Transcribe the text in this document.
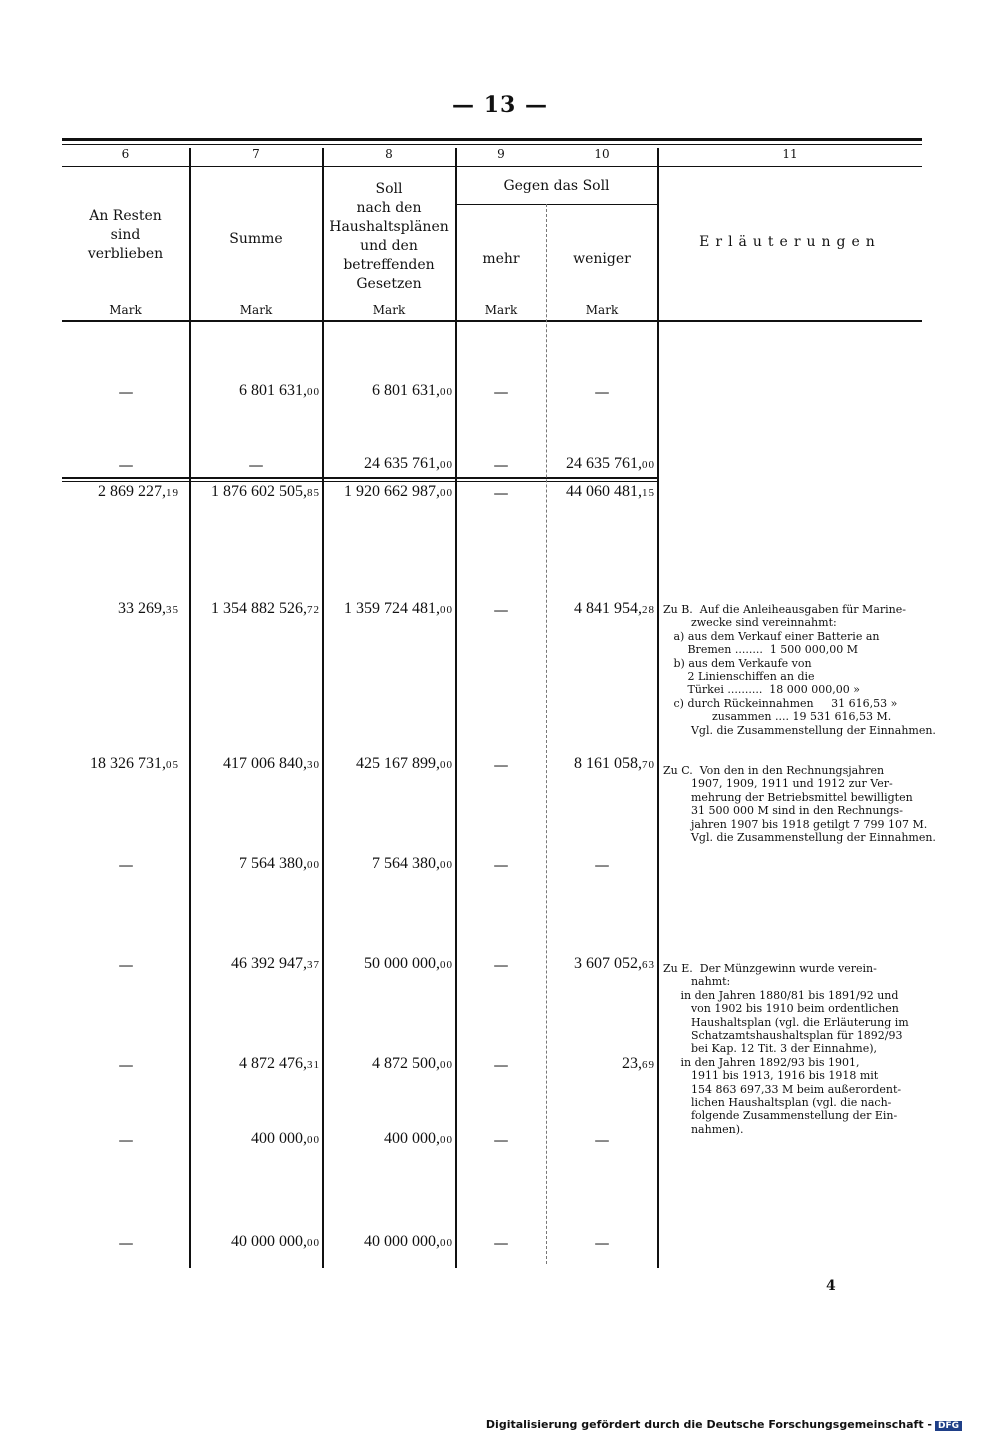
— 13 —
6	7	8	9	10	11
An Resten
sind
verblieben
Summe
Soll
nach den
Haushaltsplänen
und den
betreffenden
Gesetzen
Gegen das Soll
mehr	weniger
Erläuterungen
Mark	Mark	Mark	Mark	Mark
—	6 801 631,00	6 801 631,00	—	—
—	—	24 635 761,00	—	24 635 761,00
2 869 227,19	1 876 602 505,85	1 920 662 987,00	—	44 060 481,15
33 269,35	1 354 882 526,72	1 359 724 481,00	—	4 841 954,28
18 326 731,05	417 006 840,30	425 167 899,00	—	8 161 058,70
—	7 564 380,00	7 564 380,00	—	—
—	46 392 947,37	50 000 000,00	—	3 607 052,63
—	4 872 476,31	4 872 500,00	—	23,69
—	400 000,00	400 000,00	—	—
—	40 000 000,00	40 000 000,00	—	—
Zu B.  Auf die Anleiheausgaben für Marine-
zwecke sind vereinnahmt:
a) aus dem Verkauf einer Batterie an
Bremen ........  1 500 000,00 M
b) aus dem Verkaufe von
2 Linienschiffen an die
Türkei ..........  18 000 000,00 »
c) durch Rückeinnahmen     31 616,53 »
zusammen .... 19 531 616,53 M.
Vgl. die Zusammenstellung der Einnahmen.
Zu C.  Von den in den Rechnungsjahren
1907, 1909, 1911 und 1912 zur Ver-
mehrung der Betriebsmittel bewilligten
31 500 000 M sind in den Rechnungs-
jahren 1907 bis 1918 getilgt 7 799 107 M.
Vgl. die Zusammenstellung der Einnahmen.
Zu E.  Der Münzgewinn wurde verein-
nahmt:
in den Jahren 1880/81 bis 1891/92 und
von 1902 bis 1910 beim ordentlichen
Haushaltsplan (vgl. die Erläuterung im
Schatzamtshaushaltsplan für 1892/93
bei Kap. 12 Tit. 3 der Einnahme),
in den Jahren 1892/93 bis 1901,
1911 bis 1913, 1916 bis 1918 mit
154 863 697,33 M beim außerordent-
lichen Haushaltsplan (vgl. die nach-
folgende Zusammenstellung der Ein-
nahmen).
4
Digitalisierung gefördert durch die Deutsche Forschungsgemeinschaft - DFG
